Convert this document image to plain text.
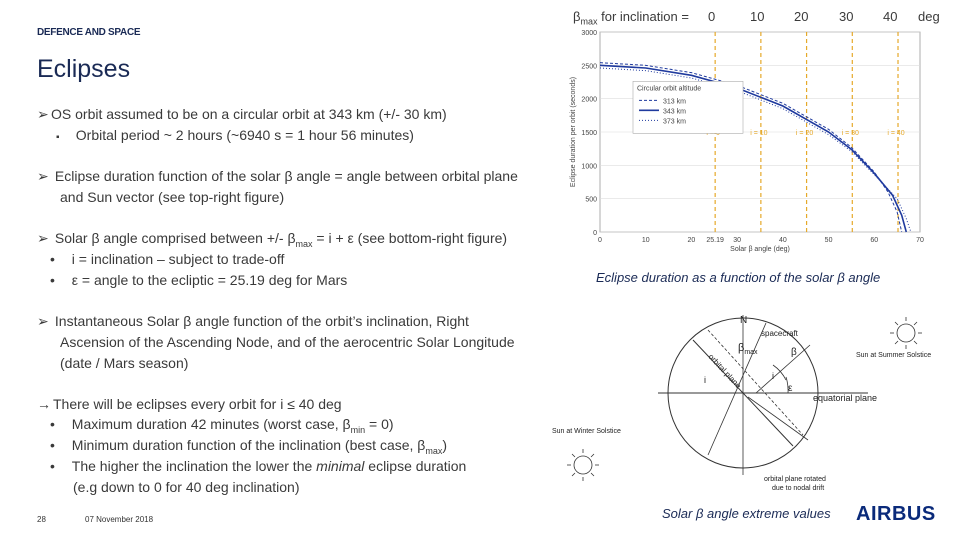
DEFENCE AND SPACE
Eclipses
➢ OS orbit assumed to be on a circular orbit at 343 km (+/- 30 km)
▪ Orbital period ~ 2 hours (~6940 s = 1 hour 56 minutes)
➢ Eclipse duration function of the solar β angle = angle between orbital plane
and Sun vector (see top-right figure)
➢ Solar β angle comprised between +/- $\beta_{max} = i + \varepsilon$ (see bottom-right figure)
• i = inclination – subject to trade-off
• ε = angle to the ecliptic = 25.19 deg for Mars
➢ Instantaneous Solar β angle function of the orbit’s inclination, Right
Ascension of the Ascending Node, and of the aerocentric Solar Longitude
(date / Mars season)
→ There will be eclipses every orbit for i ≤ 40 deg
• Maximum duration 42 minutes (worst case, $\beta_{min} = 0$)
• Minimum duration function of the inclination (best case, $\beta_{max}$)
• The higher the inclination the lower the minimal eclipse duration
(e.g down to 0 for 40 deg inclination)
28	07 November 2018	AIRBUS
$\beta_{max}$ for inclination = 0	10 20 30 40 deg
0
500
1000
1500
2000
2500
3000
0	10	20 25.19 30	40	50	60	70
i = 10	i = 20	i = 30	i = 40
Circular orbit altitude
313 km
343 km
373 km
Solar β angle (deg)
Eclipse duration per orbit (seconds)
Eclipse duration as a function of the solar β angle
N
spacecraft
$\beta_{max}$
orbital plane	β
i	i
ε
equatorial plane
Sun at Summer Solstice
Sun at Winter Solstice
orbital plane rotated
due to nodal drift
Solar β angle extreme values
